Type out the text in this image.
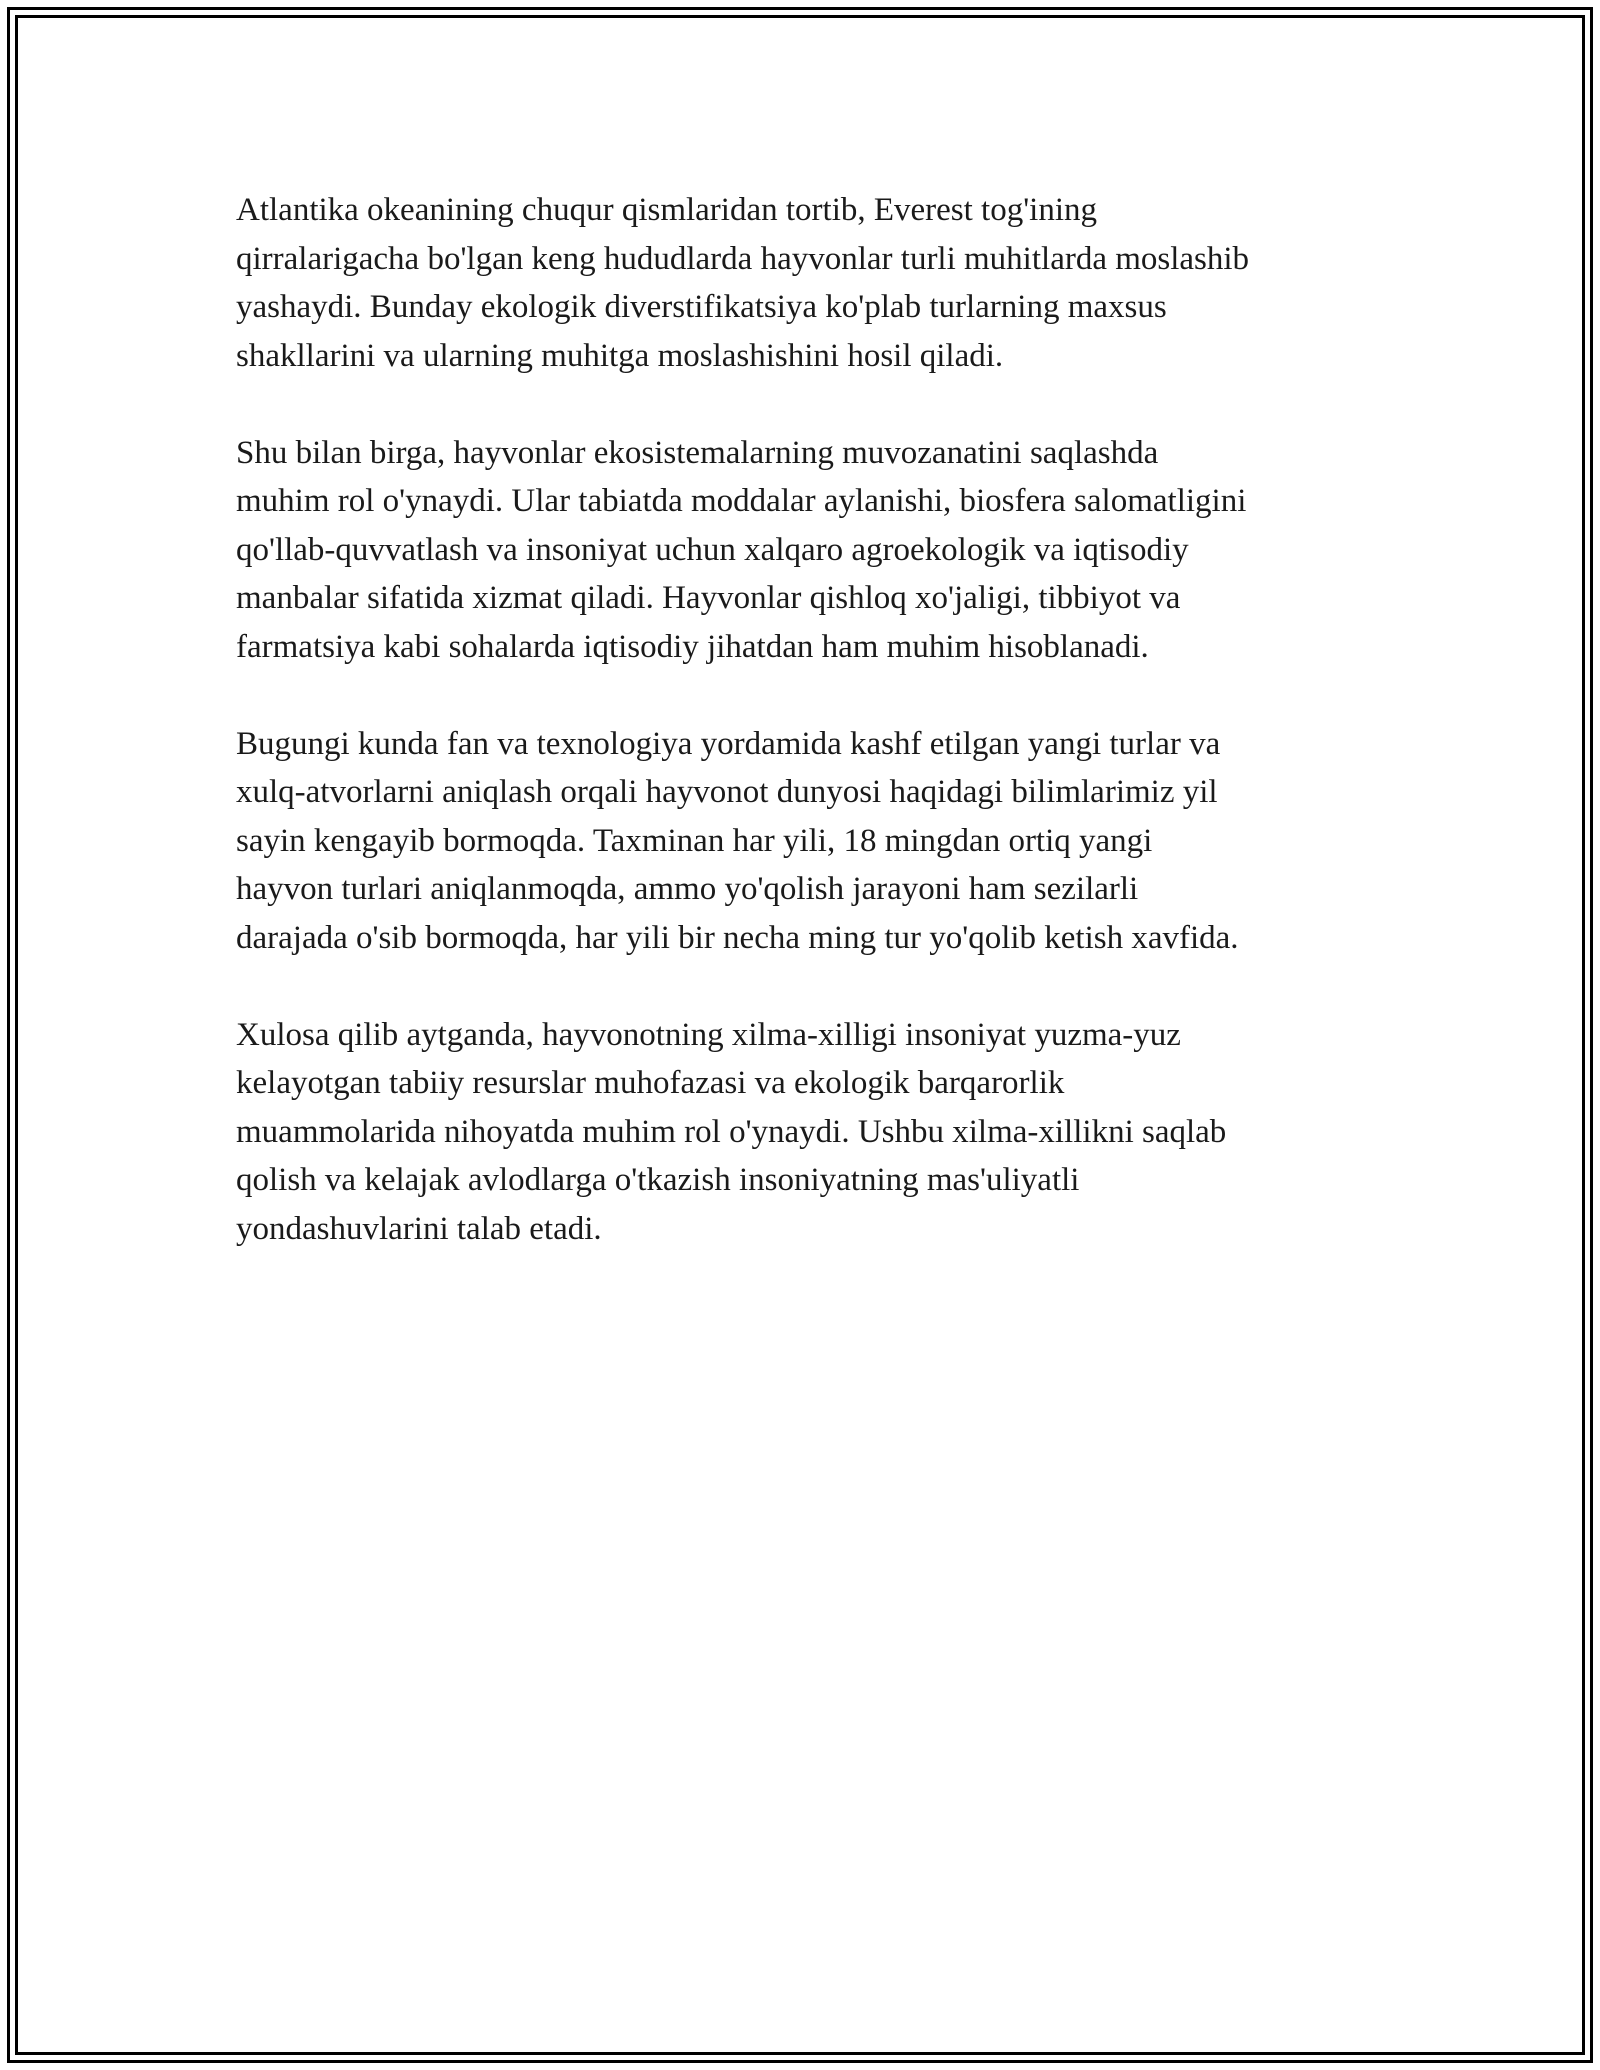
Atlantika okeanining chuqur qismlaridan tortib, Everest tog'ining
qirralarigacha bo'lgan keng hududlarda hayvonlar turli muhitlarda moslashib
yashaydi. Bunday ekologik diverstifikatsiya ko'plab turlarning maxsus
shakllarini va ularning muhitga moslashishini hosil qiladi.

Shu bilan birga, hayvonlar ekosistemalarning muvozanatini saqlashda
muhim rol o'ynaydi. Ular tabiatda moddalar aylanishi, biosfera salomatligini
qo'llab-quvvatlash va insoniyat uchun xalqaro agroekologik va iqtisodiy
manbalar sifatida xizmat qiladi. Hayvonlar qishloq xo'jaligi, tibbiyot va
farmatsiya kabi sohalarda iqtisodiy jihatdan ham muhim hisoblanadi.

Bugungi kunda fan va texnologiya yordamida kashf etilgan yangi turlar va
xulq-atvorlarni aniqlash orqali hayvonot dunyosi haqidagi bilimlarimiz yil
sayin kengayib bormoqda. Taxminan har yili, 18 mingdan ortiq yangi
hayvon turlari aniqlanmoqda, ammo yo'qolish jarayoni ham sezilarli
darajada o'sib bormoqda, har yili bir necha ming tur yo'qolib ketish xavfida.

Xulosa qilib aytganda, hayvonotning xilma-xilligi insoniyat yuzma-yuz
kelayotgan tabiiy resurslar muhofazasi va ekologik barqarorlik
muammolarida nihoyatda muhim rol o'ynaydi. Ushbu xilma-xillikni saqlab
qolish va kelajak avlodlarga o'tkazish insoniyatning mas'uliyatli
yondashuvlarini talab etadi.
